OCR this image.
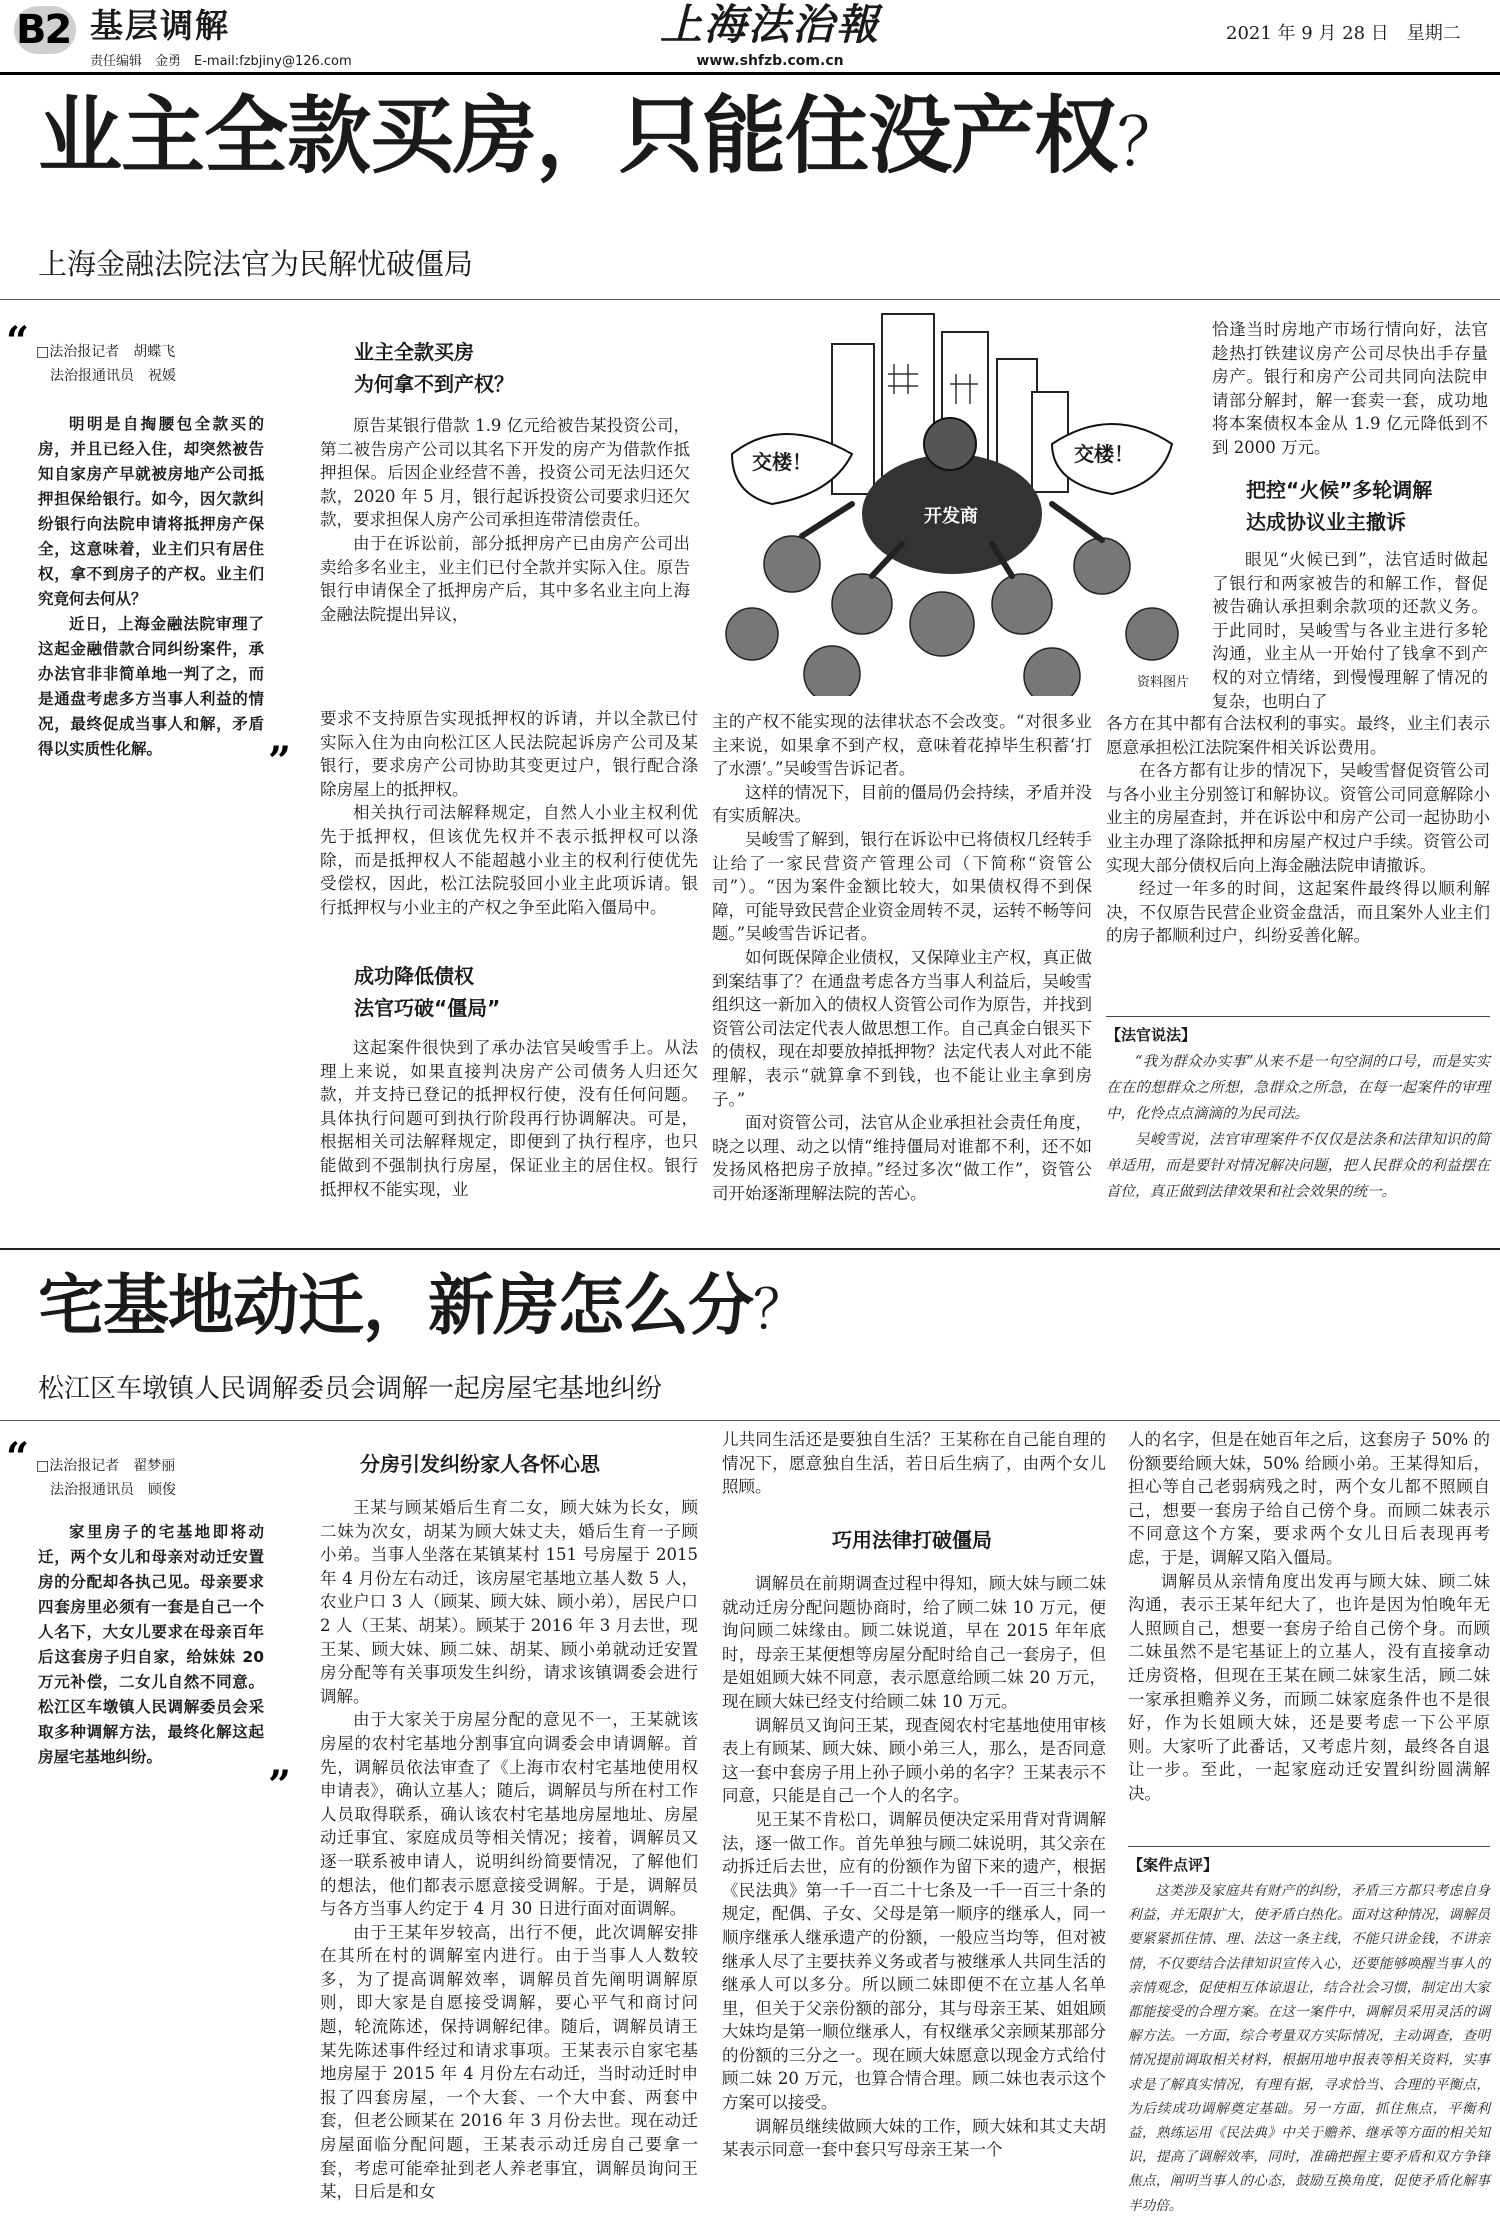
B2 基层调解
责任编辑　金勇　E-mail:fzbjiny@126.com
上海法治報
www.shfzb.com.cn
2021 年 9 月 28 日　星期二
业主全款买房，只能住没产权？
上海金融法院法官为民解忧破僵局
“ □法治报记者　胡蝶飞
法治报通讯员　祝媛

明明是自掏腰包全款买的房，并且已经入住，却突然被告知自家房产早就被房地产公司抵押担保给银行。如今，因欠款纠纷银行向法院申请将抵押房产保全，这意味着，业主们只有居住权，拿不到房子的产权。业主们究竟何去何从？

近日，上海金融法院审理了这起金融借款合同纠纷案件，承办法官非非简单地一判了之，而是通盘考虑多方当事人利益的情况，最终促成当事人和解，矛盾得以实质性化解。	”
业主全款买房
为何拿不到产权？

原告某银行借款 1.9 亿元给被告某投资公司，第二被告房产公司以其名下开发的房产为借款作抵押担保。后因企业经营不善，投资公司无法归还欠款，2020 年 5 月，银行起诉投资公司要求归还欠款，要求担保人房产公司承担连带清偿责任。

由于在诉讼前，部分抵押房产已由房产公司出卖给多名业主，业主们已付全款并实际入住。原告银行申请保全了抵押房产后，其中多名业主向上海金融法院提出异议，

要求不支持原告实现抵押权的诉请，并以全款已付实际入住为由向松江区人民法院起诉房产公司及某银行，要求房产公司协助其变更过户，银行配合涤除房屋上的抵押权。

相关执行司法解释规定，自然人小业主权利优先于抵押权，但该优先权并不表示抵押权可以涤除，而是抵押权人不能超越小业主的权利行使优先受偿权，因此，松江法院驳回小业主此项诉请。银行抵押权与小业主的产权之争至此陷入僵局中。

成功降低债权
法官巧破“僵局”

这起案件很快到了承办法官吴峻雪手上。从法理上来说，如果直接判决房产公司债务人归还欠款，并支持已登记的抵押权行使，没有任何问题。具体执行问题可到执行阶段再行协调解决。可是，根据相关司法解释规定，即便到了执行程序，也只能做到不强制执行房屋，保证业主的居住权。银行抵押权不能实现，业

开发商
交楼！	交楼！
资料图片

主的产权不能实现的法律状态不会改变。“对很多业主来说，如果拿不到产权，意味着花掉毕生积蓄‘打了水漂’。”吴峻雪告诉记者。

这样的情况下，目前的僵局仍会持续，矛盾并没有实质解决。

吴峻雪了解到，银行在诉讼中已将债权几经转手让给了一家民营资产管理公司（下简称“资管公司”）。“因为案件金额比较大，如果债权得不到保障，可能导致民营企业资金周转不灵，运转不畅等问题。”吴峻雪告诉记者。

如何既保障企业债权，又保障业主产权，真正做到案结事了？在通盘考虑各方当事人利益后，吴峻雪组织这一新加入的债权人资管公司作为原告，并找到资管公司法定代表人做思想工作。自己真金白银买下的债权，现在却要放掉抵押物？法定代表人对此不能理解，表示“就算拿不到钱，也不能让业主拿到房子。”

面对资管公司，法官从企业承担社会责任角度，晓之以理、动之以情“维持僵局对谁都不利，还不如发扬风格把房子放掉。”经过多次“做工作”，资管公司开始逐渐理解法院的苦心。

恰逢当时房地产市场行情向好，法官趁热打铁建议房产公司尽快出手存量房产。银行和房产公司共同向法院申请部分解封，解一套卖一套，成功地将本案债权本金从 1.9 亿元降低到不到 2000 万元。

把控“火候”多轮调解
达成协议业主撤诉

眼见“火候已到”，法官适时做起了银行和两家被告的和解工作，督促被告确认承担剩余款项的还款义务。于此同时，吴峻雪与各业主进行多轮沟通，业主从一开始付了钱拿不到产权的对立情绪，到慢慢理解了情况的复杂，也明白了

各方在其中都有合法权利的事实。最终，业主们表示愿意承担松江法院案件相关诉讼费用。

在各方都有让步的情况下，吴峻雪督促资管公司与各小业主分别签订和解协议。资管公司同意解除小业主的房屋查封，并在诉讼中和房产公司一起协助小业主办理了涤除抵押和房屋产权过户手续。资管公司实现大部分债权后向上海金融法院申请撤诉。

经过一年多的时间，这起案件最终得以顺利解决，不仅原告民营企业资金盘活，而且案外人业主们的房子都顺利过户，纠纷妥善化解。

【法官说法】

“我为群众办实事”从来不是一句空洞的口号，而是实实在在的想群众之所想，急群众之所急，在每一起案件的审理中，化怜点点滴滴的为民司法。

吴峻雪说，法官审理案件不仅仅是法条和法律知识的简单适用，而是要针对情况解决问题，把人民群众的利益摆在首位，真正做到法律效果和社会效果的统一。

宅基地动迁，新房怎么分？
松江区车墩镇人民调解委员会调解一起房屋宅基地纠纷
“ □法治报记者　翟梦丽
法治报通讯员　顾俊

家里房子的宅基地即将动迁，两个女儿和母亲对动迁安置房的分配却各执己见。母亲要求四套房里必须有一套是自己一个人名下，大女儿要求在母亲百年后这套房子归自家，给妹妹 20 万元补偿，二女儿自然不同意。松江区车墩镇人民调解委员会采取多种调解方法，最终化解这起房屋宅基地纠纷。

”
分房引发纠纷家人各怀心思

王某与顾某婚后生育二女，顾大妹为长女，顾二妹为次女，胡某为顾大妹丈夫，婚后生育一子顾小弟。当事人坐落在某镇某村 151 号房屋于 2015 年 4 月份左右动迁，该房屋宅基地立基人数 5 人，农业户口 3 人（顾某、顾大妹、顾小弟），居民户口 2 人（王某、胡某）。顾某于 2016 年 3 月去世，现王某、顾大妹、顾二妹、胡某、顾小弟就动迁安置房分配等有关事项发生纠纷，请求该镇调委会进行调解。

由于大家关于房屋分配的意见不一，王某就该房屋的农村宅基地分割事宜向调委会申请调解。首先，调解员依法审查了《上海市农村宅基地使用权申请表》，确认立基人；随后，调解员与所在村工作人员取得联系，确认该农村宅基地房屋地址、房屋动迁事宜、家庭成员等相关情况；接着，调解员又逐一联系被申请人，说明纠纷简要情况，了解他们的想法，他们都表示愿意接受调解。于是，调解员与各方当事人约定于 4 月 30 日进行面对面调解。

由于王某年岁较高，出行不便，此次调解安排在其所在村的调解室内进行。由于当事人人数较多，为了提高调解效率，调解员首先阐明调解原则，即大家是自愿接受调解，要心平气和商讨问题，轮流陈述，保持调解纪律。随后，调解员请王某先陈述事件经过和请求事项。王某表示自家宅基地房屋于 2015 年 4 月份左右动迁，当时动迁时申报了四套房屋，一个大套、一个大中套、两套中套，但老公顾某在 2016 年 3 月份去世。现在动迁房屋面临分配问题，王某表示动迁房自己要拿一套，考虑可能牵扯到老人养老事宜，调解员询问王某，日后是和女

儿共同生活还是要独自生活？王某称在自己能自理的情况下，愿意独自生活，若日后生病了，由两个女儿照顾。

巧用法律打破僵局

调解员在前期调查过程中得知，顾大妹与顾二妹就动迁房分配问题协商时，给了顾二妹 10 万元，便询问顾二妹缘由。顾二妹说道，早在 2015 年年底时，母亲王某便想等房屋分配时给自己一套房子，但是姐姐顾大妹不同意，表示愿意给顾二妹 20 万元，现在顾大妹已经支付给顾二妹 10 万元。

调解员又询问王某，现查阅农村宅基地使用审核表上有顾某、顾大妹、顾小弟三人，那么，是否同意这一套中套房子用上孙子顾小弟的名字？王某表示不同意，只能是自己一个人的名字。

见王某不肯松口，调解员便决定采用背对背调解法，逐一做工作。首先单独与顾二妹说明，其父亲在动拆迁后去世，应有的份额作为留下来的遗产，根据《民法典》第一千一百二十七条及一千一百三十条的规定，配偶、子女、父母是第一顺序的继承人，同一顺序继承人继承遗产的份额，一般应当均等，但对被继承人尽了主要扶养义务或者与被继承人共同生活的继承人可以多分。所以顾二妹即便不在立基人名单里，但关于父亲份额的部分，其与母亲王某、姐姐顾大妹均是第一顺位继承人，有权继承父亲顾某那部分的份额的三分之一。现在顾大妹愿意以现金方式给付顾二妹 20 万元，也算合情合理。顾二妹也表示这个方案可以接受。

调解员继续做顾大妹的工作，顾大妹和其丈夫胡某表示同意一套中套只写母亲王某一个

人的名字，但是在她百年之后，这套房子 50% 的份额要给顾大妹，50% 给顾小弟。王某得知后，担心等自己老弱病残之时，两个女儿都不照顾自己，想要一套房子给自己傍个身。而顾二妹表示不同意这个方案，要求两个女儿日后表现再考虑，于是，调解又陷入僵局。

调解员从亲情角度出发再与顾大妹、顾二妹沟通，表示王某年纪大了，也许是因为怕晚年无人照顾自己，想要一套房子给自己傍个身。而顾二妹虽然不是宅基证上的立基人，没有直接拿动迁房资格，但现在王某在顾二妹家生活，顾二妹一家承担赡养义务，而顾二妹家庭条件也不是很好，作为长姐顾大妹，还是要考虑一下公平原则。大家听了此番话，又考虑片刻，最终各自退让一步。至此，一起家庭动迁安置纠纷圆满解决。

【案件点评】

这类涉及家庭共有财产的纠纷，矛盾三方都只考虑自身利益，并无限扩大，使矛盾白热化。面对这种情况，调解员要紧紧抓住情、理、法这一条主线，不能只讲金钱，不讲亲情，不仅要结合法律知识宣传入心，还要能够唤醒当事人的亲情观念，促使相互体谅退让，结合社会习惯，制定出大家都能接受的合理方案。在这一案件中，调解员采用灵活的调解方法。一方面，综合考量双方实际情况，主动调查，查明情况提前调取相关材料，根据用地申报表等相关资料，实事求是了解真实情况，有理有据，寻求恰当、合理的平衡点，为后续成功调解奠定基础。另一方面，抓住焦点，平衡利益，熟练运用《民法典》中关于赡养、继承等方面的相关知识，提高了调解效率，同时，准确把握主要矛盾和双方争锋焦点，阐明当事人的心态，鼓励互换角度，促使矛盾化解事半功倍。
